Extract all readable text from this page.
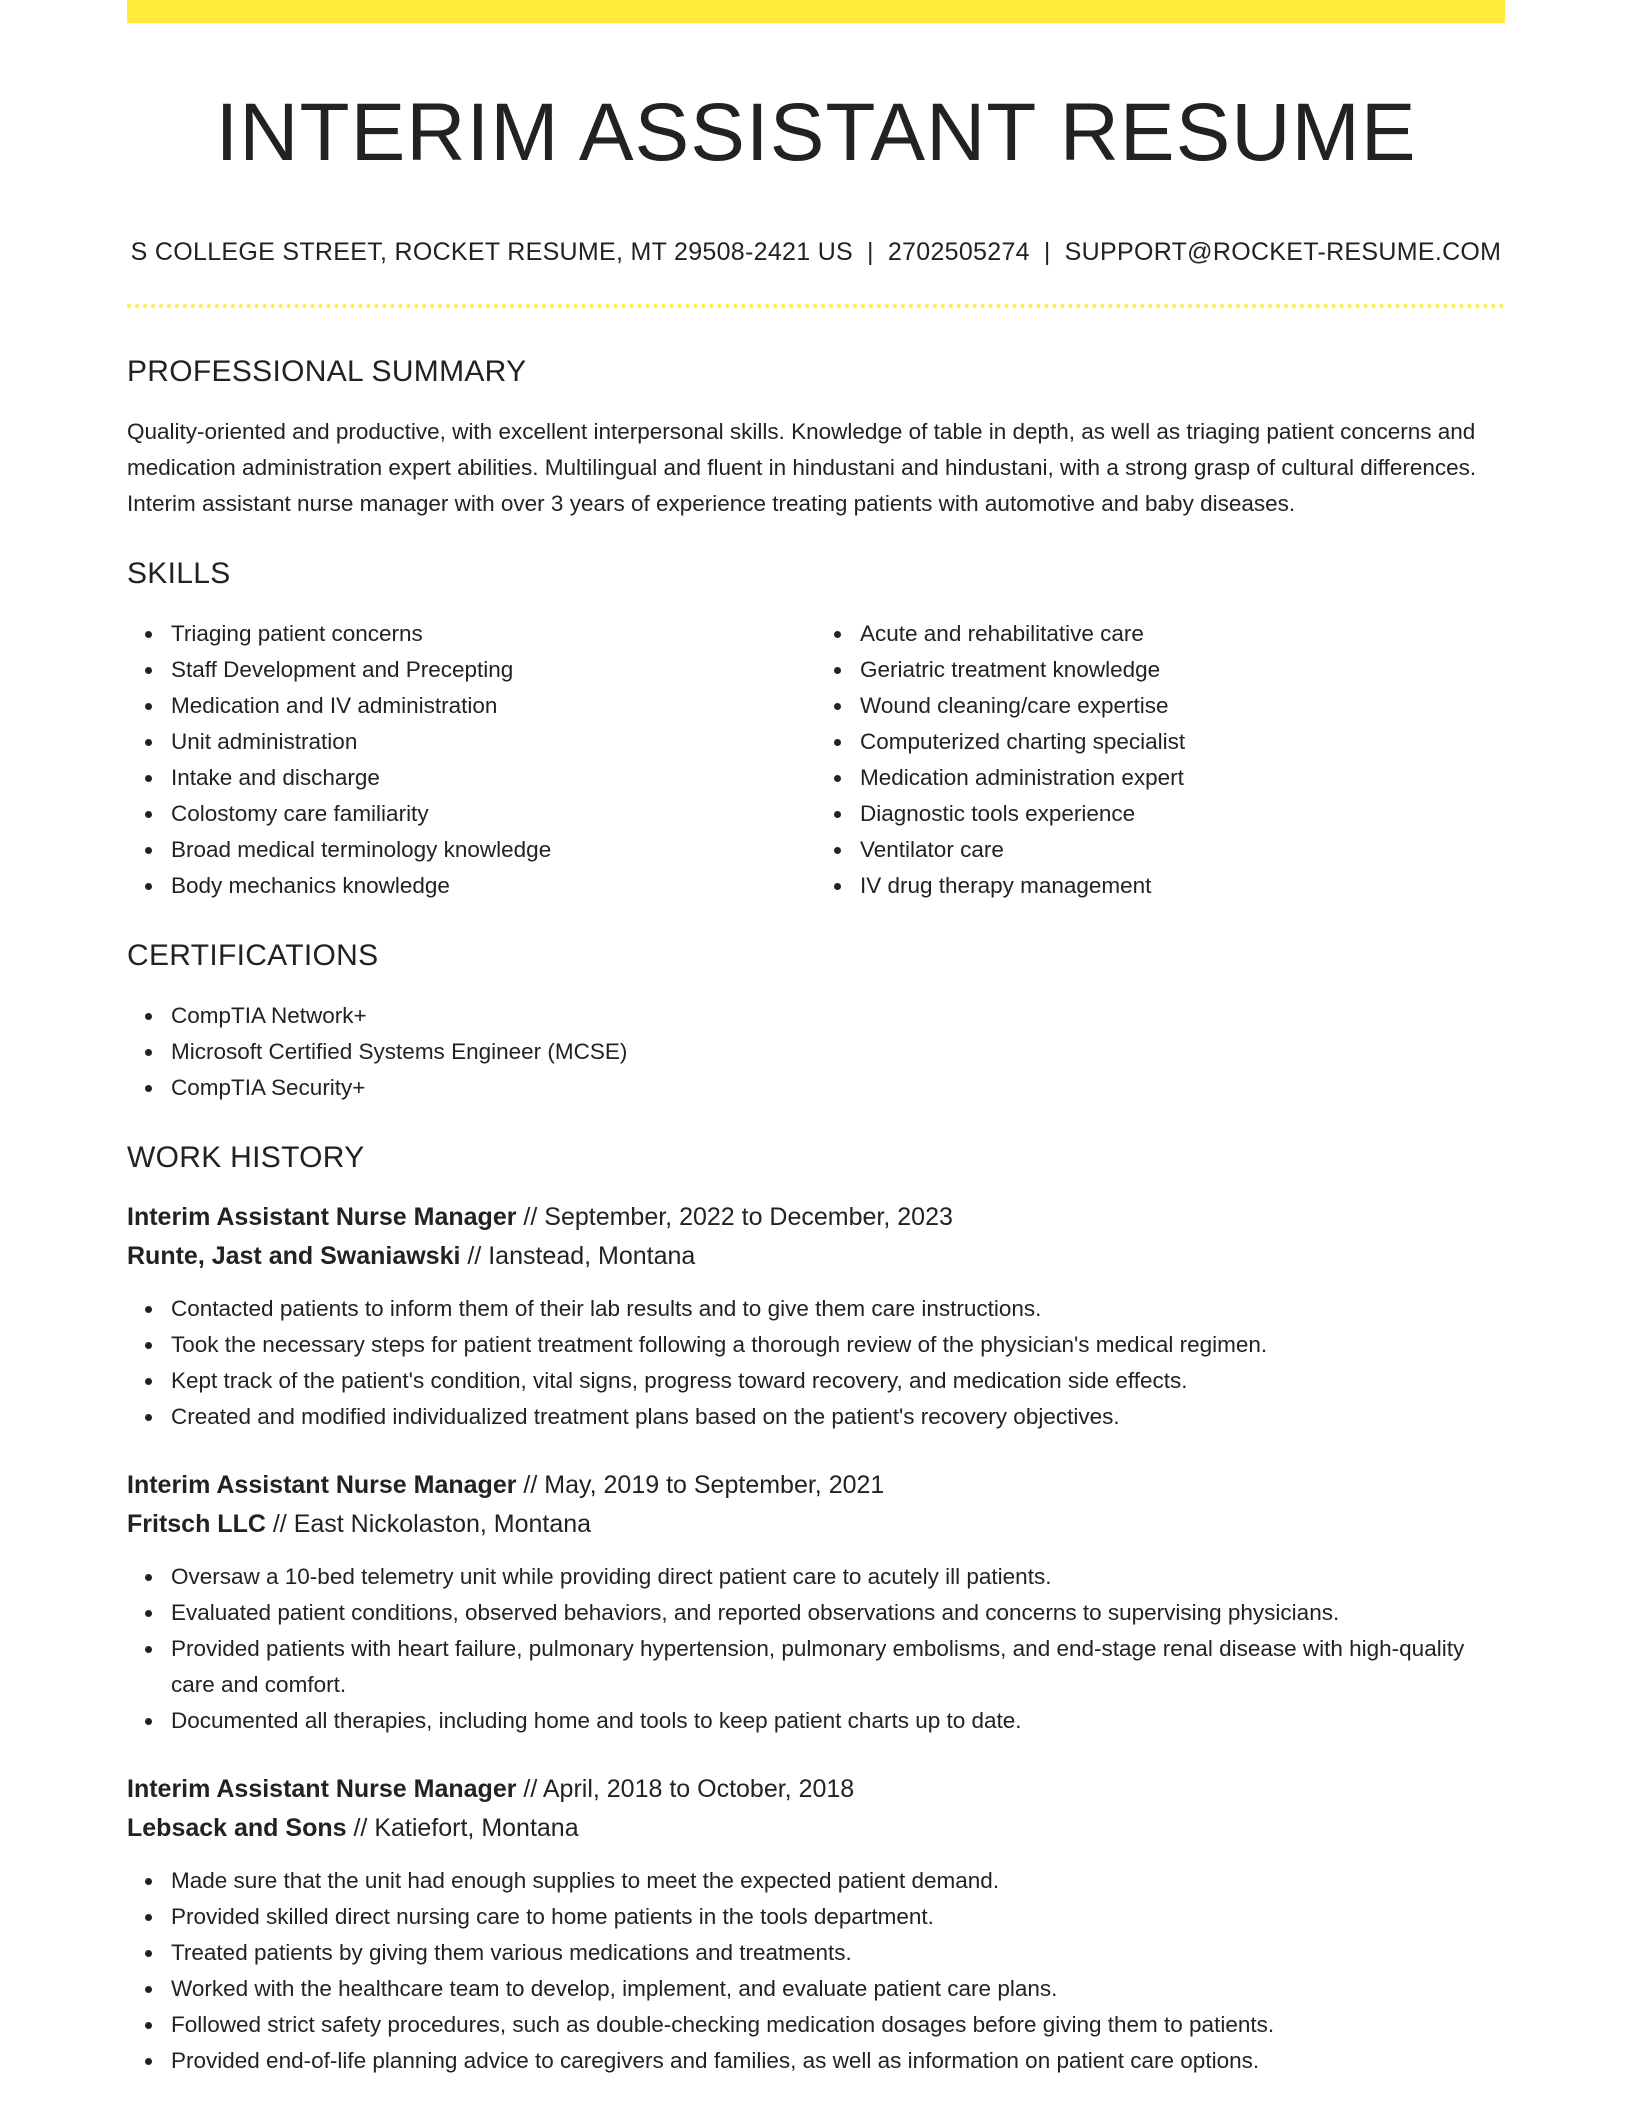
INTERIM ASSISTANT RESUME
S COLLEGE STREET, ROCKET RESUME, MT 29508-2421 US | 2702505274 | SUPPORT@ROCKET-RESUME.COM
PROFESSIONAL SUMMARY
Quality-oriented and productive, with excellent interpersonal skills. Knowledge of table in depth, as well as triaging patient concerns and medication administration expert abilities. Multilingual and fluent in hindustani and hindustani, with a strong grasp of cultural differences. Interim assistant nurse manager with over 3 years of experience treating patients with automotive and baby diseases.
SKILLS
Triaging patient concerns
Staff Development and Precepting
Medication and IV administration
Unit administration
Intake and discharge
Colostomy care familiarity
Broad medical terminology knowledge
Body mechanics knowledge
Acute and rehabilitative care
Geriatric treatment knowledge
Wound cleaning/care expertise
Computerized charting specialist
Medication administration expert
Diagnostic tools experience
Ventilator care
IV drug therapy management
CERTIFICATIONS
CompTIA Network+
Microsoft Certified Systems Engineer (MCSE)
CompTIA Security+
WORK HISTORY
Interim Assistant Nurse Manager // September, 2022 to December, 2023
Runte, Jast and Swaniawski // Ianstead, Montana
Contacted patients to inform them of their lab results and to give them care instructions.
Took the necessary steps for patient treatment following a thorough review of the physician's medical regimen.
Kept track of the patient's condition, vital signs, progress toward recovery, and medication side effects.
Created and modified individualized treatment plans based on the patient's recovery objectives.
Interim Assistant Nurse Manager // May, 2019 to September, 2021
Fritsch LLC // East Nickolaston, Montana
Oversaw a 10-bed telemetry unit while providing direct patient care to acutely ill patients.
Evaluated patient conditions, observed behaviors, and reported observations and concerns to supervising physicians.
Provided patients with heart failure, pulmonary hypertension, pulmonary embolisms, and end-stage renal disease with high-quality care and comfort.
Documented all therapies, including home and tools to keep patient charts up to date.
Interim Assistant Nurse Manager // April, 2018 to October, 2018
Lebsack and Sons // Katiefort, Montana
Made sure that the unit had enough supplies to meet the expected patient demand.
Provided skilled direct nursing care to home patients in the tools department.
Treated patients by giving them various medications and treatments.
Worked with the healthcare team to develop, implement, and evaluate patient care plans.
Followed strict safety procedures, such as double-checking medication dosages before giving them to patients.
Provided end-of-life planning advice to caregivers and families, as well as information on patient care options.
